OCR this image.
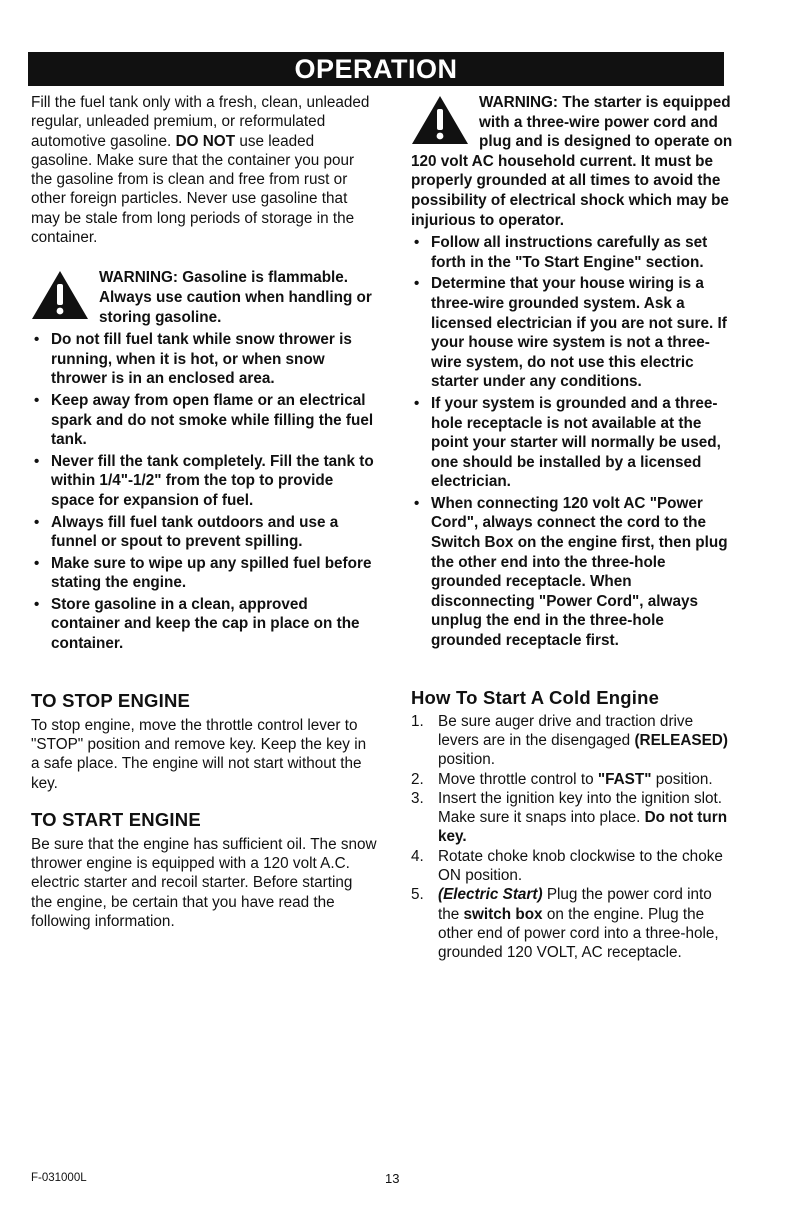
OPERATION

Fill the fuel tank only with a fresh, clean, unleaded regular, unleaded premium, or reformulated automotive gasoline. DO NOT use leaded gasoline. Make sure that the container you pour the gasoline from is clean and free from rust or other foreign particles. Never use gasoline that may be stale from long periods of storage in the container.

WARNING: Gasoline is flammable. Always use caution when handling or storing gasoline.
• Do not fill fuel tank while snow thrower is running, when it is hot, or when snow thrower is in an enclosed area.
• Keep away from open flame or an electrical spark and do not smoke while filling the fuel tank.
• Never fill the tank completely. Fill the tank to within 1/4"-1/2" from the top to provide space for expansion of fuel.
• Always fill fuel tank outdoors and use a funnel or spout to prevent spilling.
• Make sure to wipe up any spilled fuel before stating the engine.
• Store gasoline in a clean, approved container and keep the cap in place on the container.
TO STOP ENGINE

To stop engine, move the throttle control lever to "STOP" position and remove key. Keep the key in a safe place. The engine will not start without the key.

TO START ENGINE

Be sure that the engine has sufficient oil. The snow thrower engine is equipped with a 120 volt A.C. electric starter and recoil starter. Before starting the engine, be certain that you have read the following information.

WARNING: The starter is equipped with a three-wire power cord and plug and is designed to operate on 120 volt AC household current. It must be properly grounded at all times to avoid the possibility of electrical shock which may be injurious to operator.
• Follow all instructions carefully as set forth in the "To Start Engine" section.
• Determine that your house wiring is a three-wire grounded system. Ask a licensed electrician if you are not sure. If your house wire system is not a three-wire system, do not use this electric starter under any conditions.
• If your system is grounded and a three-hole receptacle is not available at the point your starter will normally be used, one should be installed by a licensed electrician.
• When connecting 120 volt AC "Power Cord", always connect the cord to the Switch Box on the engine first, then plug the other end into the three-hole grounded receptacle. When disconnecting "Power Cord", always unplug the end in the three-hole grounded receptacle first.
How To Start A Cold Engine
1. Be sure auger drive and traction drive levers are in the disengaged (RELEASED) position.
2. Move throttle control to "FAST" position.
3. Insert the ignition key into the ignition slot. Make sure it snaps into place. Do not turn key.
4. Rotate choke knob clockwise to the choke ON position.
5. (Electric Start) Plug the power cord into the switch box on the engine. Plug the other end of power cord into a three-hole, grounded 120 VOLT, AC receptacle.
F-031000L	13
